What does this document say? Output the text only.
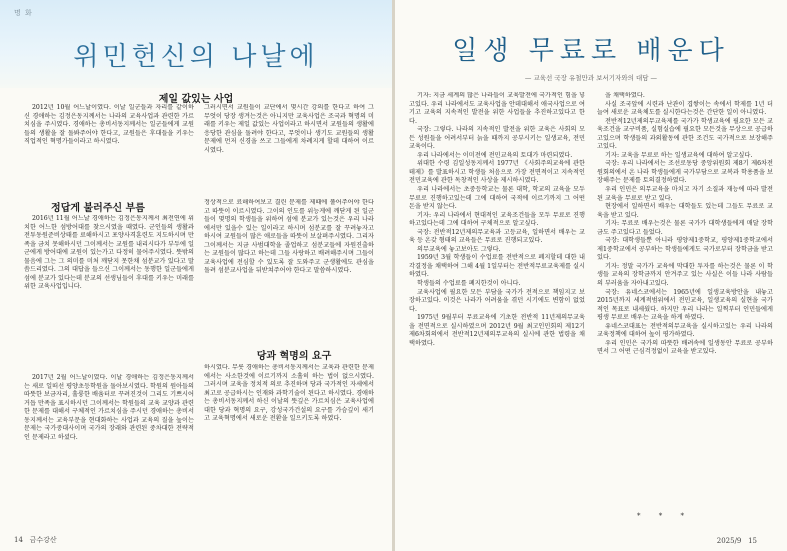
명 화
위민헌신의 나날에
제일 값있는 사업

2012년 10월 어느날이였다. 이날 일군들과 자리를 같이하신 경애하는 김정은동지께서는 나라의 교육사업과 관련한 가르치심을 주시였다. 경애하는 총비서동지께서는 일군들에게 교원들의 생활을 잘 돌봐주어야 한다고, 교원들은 후대들을 키우는 직업적인 혁명가들이라고 하시였다.

그러시면서 교원들이 교단에서 몇시간 강의를 한다고 하여 그 무엇이 당장 생겨는것은 아니지만 교육사업은 조국과 혁명의 미래를 키우는 제일 값있는 사업이라고 하시면서 교원들의 생활에 응당한 관심을 돌려야 한다고, 무엇이나 생기도 교원들의 생활문제에 먼저 신경을 쓰고 그들에게 차례지게 할데 대하여 이르시였다.

정답게 불러주신 부름

2016년 11월 어느날 경애하는 김정은동지께서 최전연에 위치한 어느한 섬방어대를 찾으시였을 때였다. 군인들의 생활과 전투동원준비상태를 료해하시고 포양사격훈련도 지도하시며 만족을 금치 못해하시던 그이께서는 교원를 내리시다가 부두에 일군에게 방어대에 교원이 있는가고 다정히 물어주시였다. 뜻밖의 물음에 그는 그 의미를 미처 깨닫지 못한채 섬분교가 있다고 말씀드리였다. 그의 대답을 들으신 그이께서는 동행한 일군들에게 섬에 분교가 있다는데 분교의 선생님들이 후대를 키우는 미래를 위한 교육사업입니다.

정상적으로 료해하여보고 결린 문제를 제때에 풀어주어야 한다고 따뜻이 이르시였다. 그이의 인도를 위능게에 깨닫게 된 일군들이 몇명의 학생들을 위하여 섬에 분교가 있는것은 우리 나라에서만 있을수 있는 일이라고 하시며 섬분교를 잘 꾸려놓자고 하시여 교원들이 많은 애로들을 따뜻이 보살펴주시였다. 그리자 그이께서는 지금 사범대학을 졸업하고 섬분교들에 자원진출하는 교원들이 많다고 하는데 그들 사랑하고 배려해주시며 그들이 교육사업에 전심할 수 있도록 잘 도와주고 군생활에도 관심을 돌려 섬분교사업을 뒤받쳐주어야 한다고 말씀하시였다.

당과 혁명의 요구

2017년 2월 어느날이였다. 이날 경애하는 김정은동지께서는 새로 일떠선 평양초등학원을 돌아보시였다. 학원의 원아들의 따뜻한 보금자리, 훌륭한 배움터로 꾸려진것이 그리도 기쁘시어 거듭 만족을 표시하시던 그이께서는 학원들의 교육 교양과 관련한 문제를 대해서 구체적인 가르치심을 주시던 경애하는 총비서동지께서는 교육부문을 현대화하는 사업과 교육의 질을 높이는 문제는 국가중대사이며 국가의 장래와 관련된 중차대한 전략적인 문제라고 하셨다.

하시였다. 무릇 경애하는 총비서동지께서는 교육과 관련한 문제에서는 사소한것에 이르기까지 소홀히 하는 법이 없으시였다. 그러시며 교육을 정치적 의로 추진하며 당과 국가적인 자세에서 최고로 공급하시는 인재와 과학기술이 된다고 하시였다. 경애하는 총비서동지께서 하신 이날의 뜻깊은 가르치심은 교육사업에 대한 당과 혁명의 요구, 강성국가건설의 요구를 가슴깊이 새기고 교육혁명에서 새로운 전환을 일으키도록 하였다.

14 금수강산
일생 무료로 배운다
— 교육선 국장 유철만과 보서기자와의 대담 —

기자: 지금 세계의 많은 나라들이 교육발전에 국가적인 힘을 넣고있다. 우리 나라에서도 교육사업을 안데대해서 애국사업으로 여기고 교육의 지속적인 발전을 위한 사업들을 추진하고있다고 한다.

국장: 그렇다. 나라의 지속적인 발전을 위한 교육은 사회의 모든 성원들을 어려서부터 늙을 때까지 공부시키는 일생교육, 전민교육이다.

우리 나라에서는 이미전에 전민교육의 토대가 마련되였다.

위대한 수령 김일성동지께서 1977년 《사회주의교육에 관한 테제》를 발표하시고 학생들 처음으로 가장 전면적이고 지속적인 전민교육에 관한 독창적인 사상을 제시하시였다.

우리 나라에서는 초중등학교는 물론 대학, 학교의 교육을 모두 무료로 진행하고있는데 그에 대하여 국적에 이르기까지 그 어떤 돈을 받지 않는다.

기자: 우리 나라에서 현대적인 교육조건들을 모두 무료로 진행하고있다는데 그에 대하여 구체적으로 알고싶다.

국장: 전반적12년제의무교육과 고등교육, 일하면서 배우는 교육 등 온갖 형태의 교육들은 무료로 진행되고있다.

의무교육에 놓고보아도 그렇다.

1959년 3월 학생들이 수업료를 전반적으로 폐지할데 대한 내각결정을 채택하여 그해 4월 1일부터는 전반적무료교육제를 실시하였다.

학생들의 수업료를 폐지한것이 아니다.

교육사업에 필요한 모든 부담을 국가가 전적으로 책임지고 보장하고있다. 이것은 나라가 어려움을 겪던 시기에도 변함이 없었다.

1975년 9월부터 무료교육에 기초한 전반적 11년제의무교육을 전면적으로 실시하였으며 2012년 9월 최고인민회의 제12기 제6차회의에서 전반적12년제의무교육의 실시에 관한 법령을 채택하였다.

을 채택하였다.

사실 조국앞에 시련과 난관이 겹쌓이는 속에서 학제를 1년 더 늘여 새로운 교육체도를 실시한다는것은 간단한 일이 아니였다.

전반적12년제의무교육제를 국가가 학생교육에 필요한 모든 교육조건을 교구비품, 실험실습에 필요한 모든것을 무상으로 공급하고있으며 학생들의 과외활동에 관한 조건도 국가적으로 보장해주고있다.

기자: 교육을 무료로 하는 일생교육에 대하여 알고싶다.

국장: 우리 나라에서는 조선로동당 중앙위원회 제8기 제6차전원회의에서 온 나라 학생들에게 국가부담으로 교복과 학용품을 보장해주는 문제를 토의결정하였다.

우리 인민은 의무교육을 마치고 자기 소질과 재능에 따라 발전된 교육을 무료로 받고 있다.

현장에서 일하면서 배우는 대학들도 있는데 그들도 무료로 교육을 받고 있다.

기자: 무료로 배우는것은 물론 국가가 대학생들에게 매달 장학금도 주고있다고 들었다.

국장: 대학생들뿐 아니라 평양제1중학교, 평양제1중학교에서 제1중학교에서 공부하는 학생들에게도 국가로부터 장학금을 받고있다.

기자: 정말 국가가 교육에 막대한 투자를 하는것은 물론 이 학생들 교육의 장학금까지 안겨주고 있는 사실은 이들 나라 사람들의 부러움을 자아내고있다.

국장: 유네스코에서는 1965년에 일생교육방안을 내놓고 2015년까지 세계적범위에서 전민교육, 일생교육의 실현을 국가적인 목표로 내세웠다. 하지만 우리 나라는 일찍부터 인민들에게 평생 무료로 배우는 교육을 하게 하였다.

유네스코대표는 전반적의무교육을 실시하고있는 우리 나라의 교육정책에 대하여 높이 평가하였다.

우리 인민은 국가의 따뜻한 배려속에 일생동안 무료로 공부하면서 그 어떤 근심걱정없이 교육을 받고있다.

* * *
2025/9 15
